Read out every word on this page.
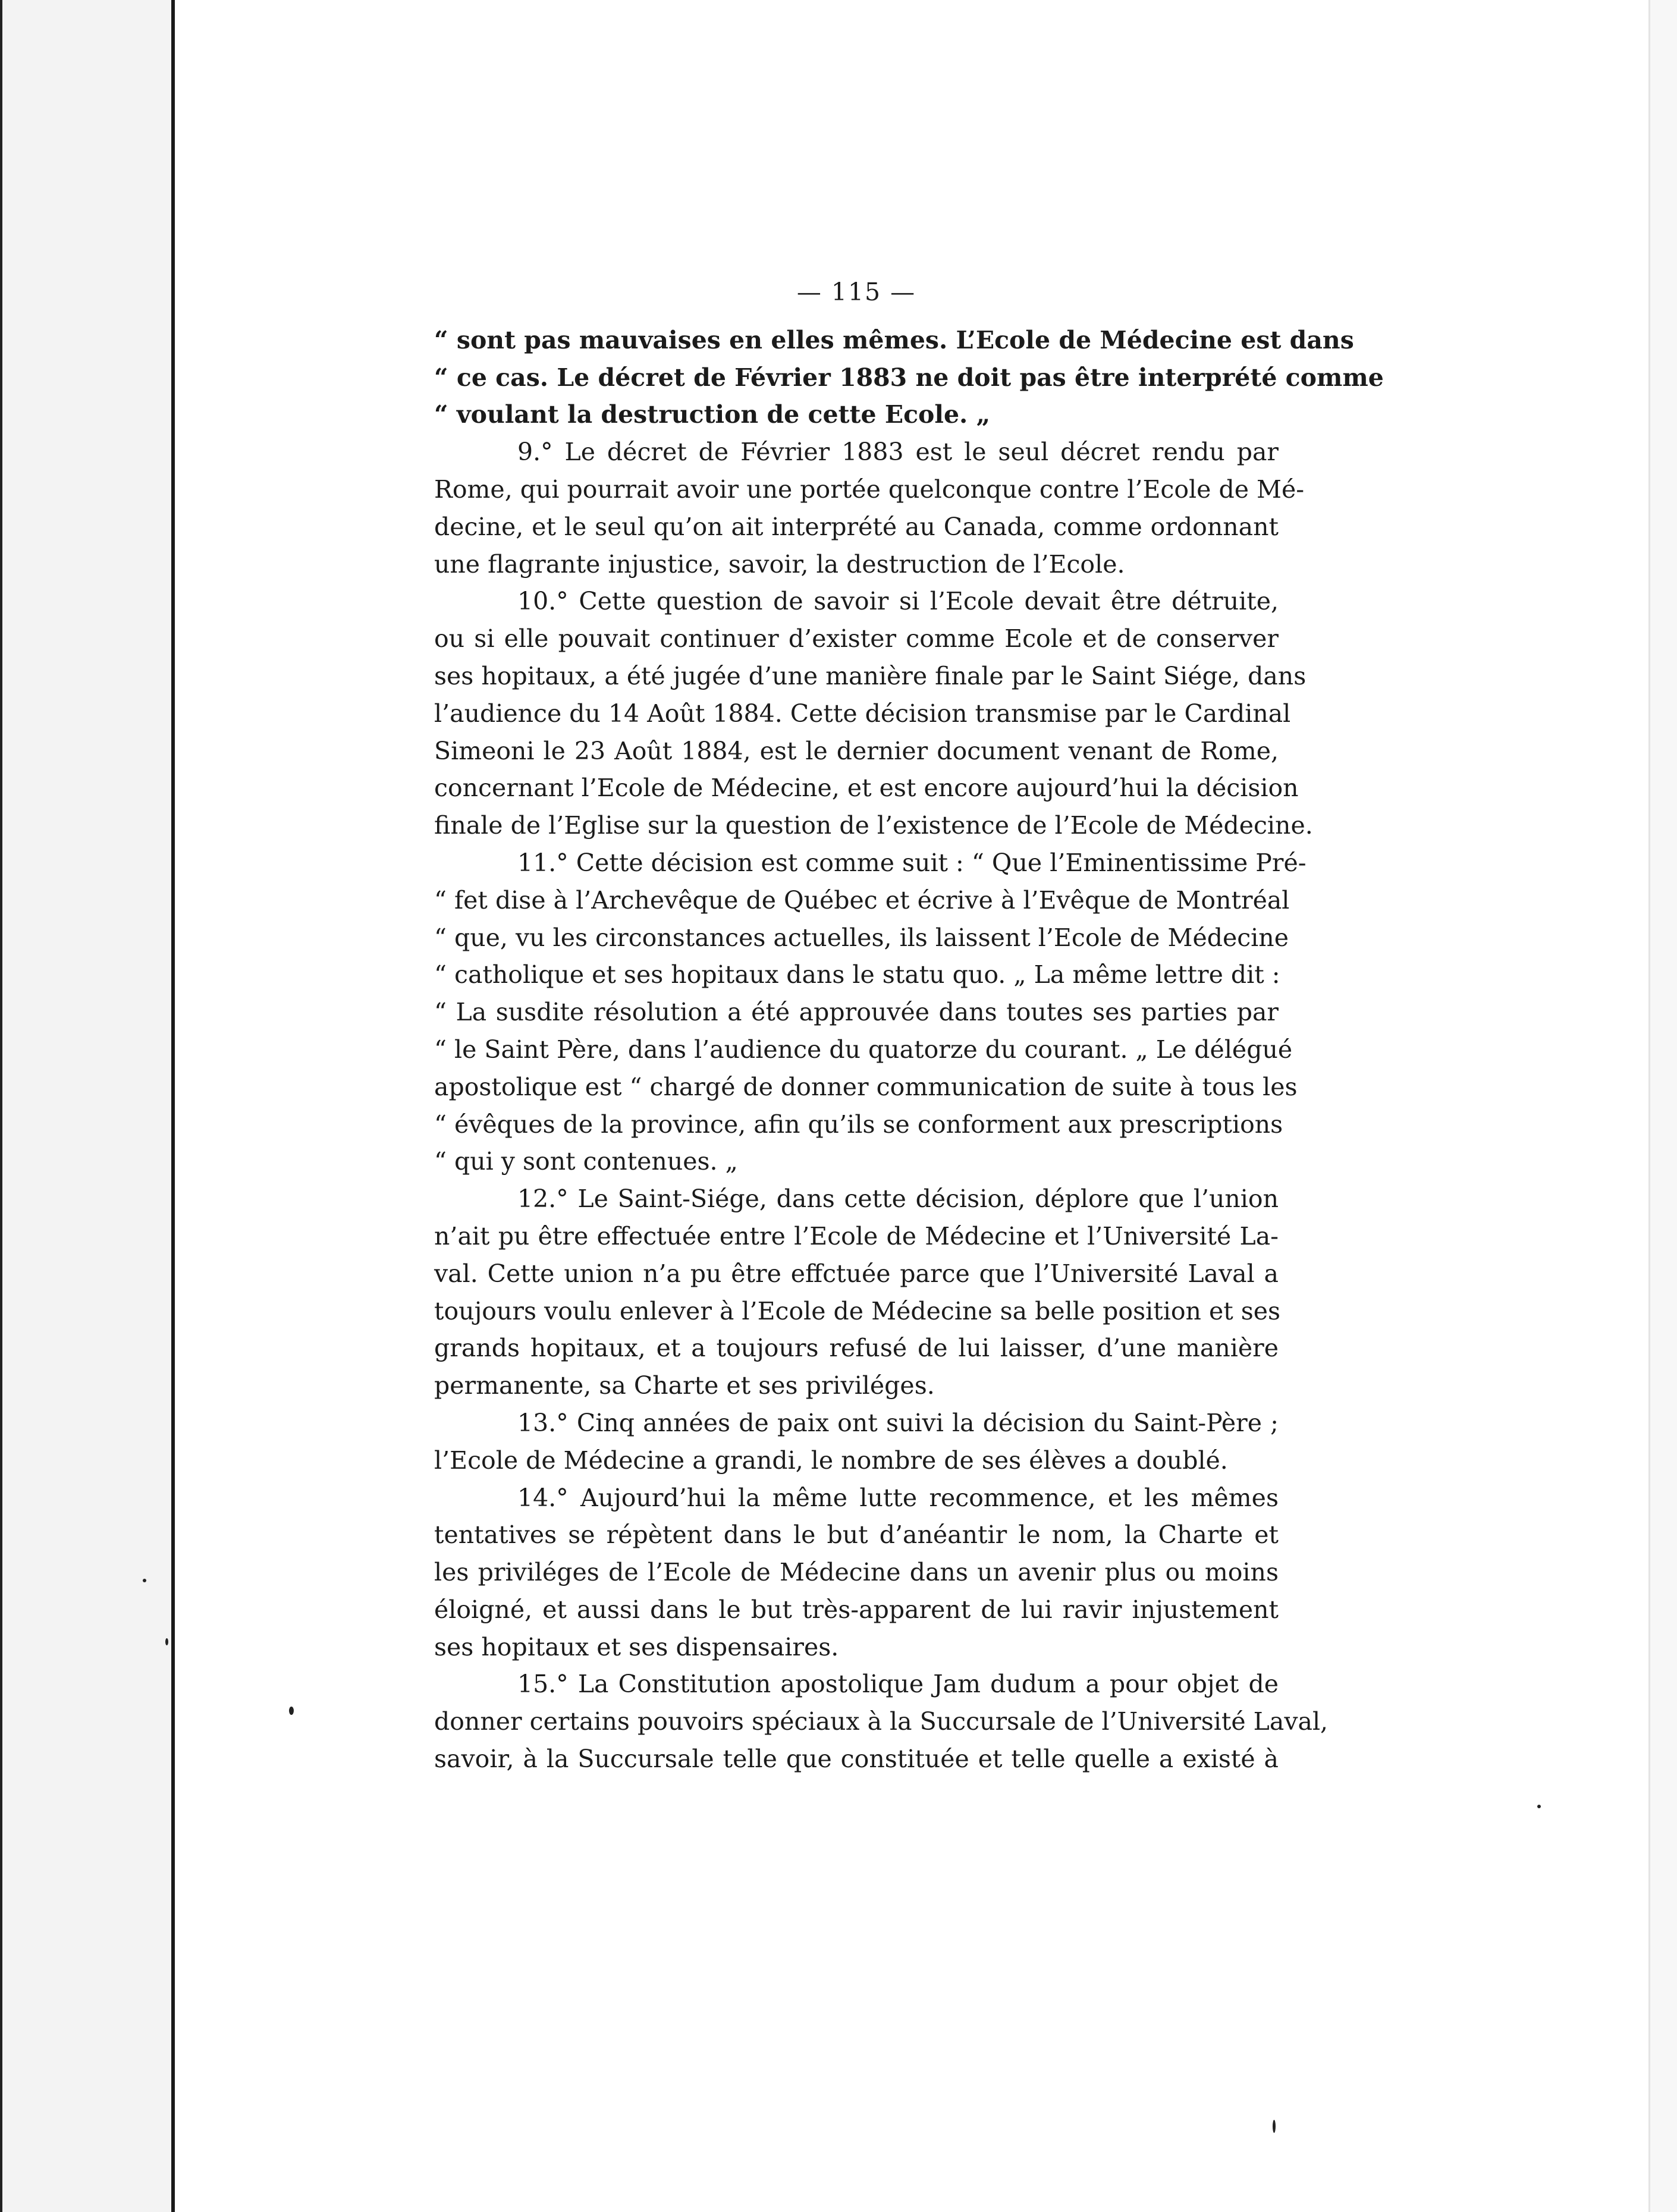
— 115 —
“ sont pas mauvaises en elles mêmes. L’Ecole de Médecine est dans
“ ce cas. Le décret de Février 1883 ne doit pas être interprété comme
“ voulant la destruction de cette Ecole. „
9.° Le décret de Février 1883 est le seul décret rendu par
Rome, qui pourrait avoir une portée quelconque contre l’Ecole de Mé-
decine, et le seul qu’on ait interprété au Canada, comme ordonnant
une flagrante injustice, savoir, la destruction de l’Ecole.
10.° Cette question de savoir si l’Ecole devait être détruite,
ou si elle pouvait continuer d’exister comme Ecole et de conserver
ses hopitaux, a été jugée d’une manière finale par le Saint Siége, dans
l’audience du 14 Août 1884. Cette décision transmise par le Cardinal
Simeoni le 23 Août 1884, est le dernier document venant de Rome,
concernant l’Ecole de Médecine, et est encore aujourd’hui la décision
finale de l’Eglise sur la question de l’existence de l’Ecole de Médecine.
11.° Cette décision est comme suit : “ Que l’Eminentissime Pré-
“ fet dise à l’Archevêque de Québec et écrive à l’Evêque de Montréal
“ que, vu les circonstances actuelles, ils laissent l’Ecole de Médecine
“ catholique et ses hopitaux dans le statu quo. „ La même lettre dit :
“ La susdite résolution a été approuvée dans toutes ses parties par
“ le Saint Père, dans l’audience du quatorze du courant. „ Le délégué
apostolique est “ chargé de donner communication de suite à tous les
“ évêques de la province, afin qu’ils se conforment aux prescriptions
“ qui y sont contenues. „
12.° Le Saint-Siége, dans cette décision, déplore que l’union
n’ait pu être effectuée entre l’Ecole de Médecine et l’Université La-
val. Cette union n’a pu être effctuée parce que l’Université Laval a
toujours voulu enlever à l’Ecole de Médecine sa belle position et ses
grands hopitaux, et a toujours refusé de lui laisser, d’une manière
permanente, sa Charte et ses priviléges.
13.° Cinq années de paix ont suivi la décision du Saint-Père ;
l’Ecole de Médecine a grandi, le nombre de ses élèves a doublé.
14.° Aujourd’hui la même lutte recommence, et les mêmes
tentatives se répètent dans le but d’anéantir le nom, la Charte et
les priviléges de l’Ecole de Médecine dans un avenir plus ou moins
éloigné, et aussi dans le but très-apparent de lui ravir injustement
ses hopitaux et ses dispensaires.
15.° La Constitution apostolique Jam dudum a pour objet de
donner certains pouvoirs spéciaux à la Succursale de l’Université Laval,
savoir, à la Succursale telle que constituée et telle quelle a existé à
